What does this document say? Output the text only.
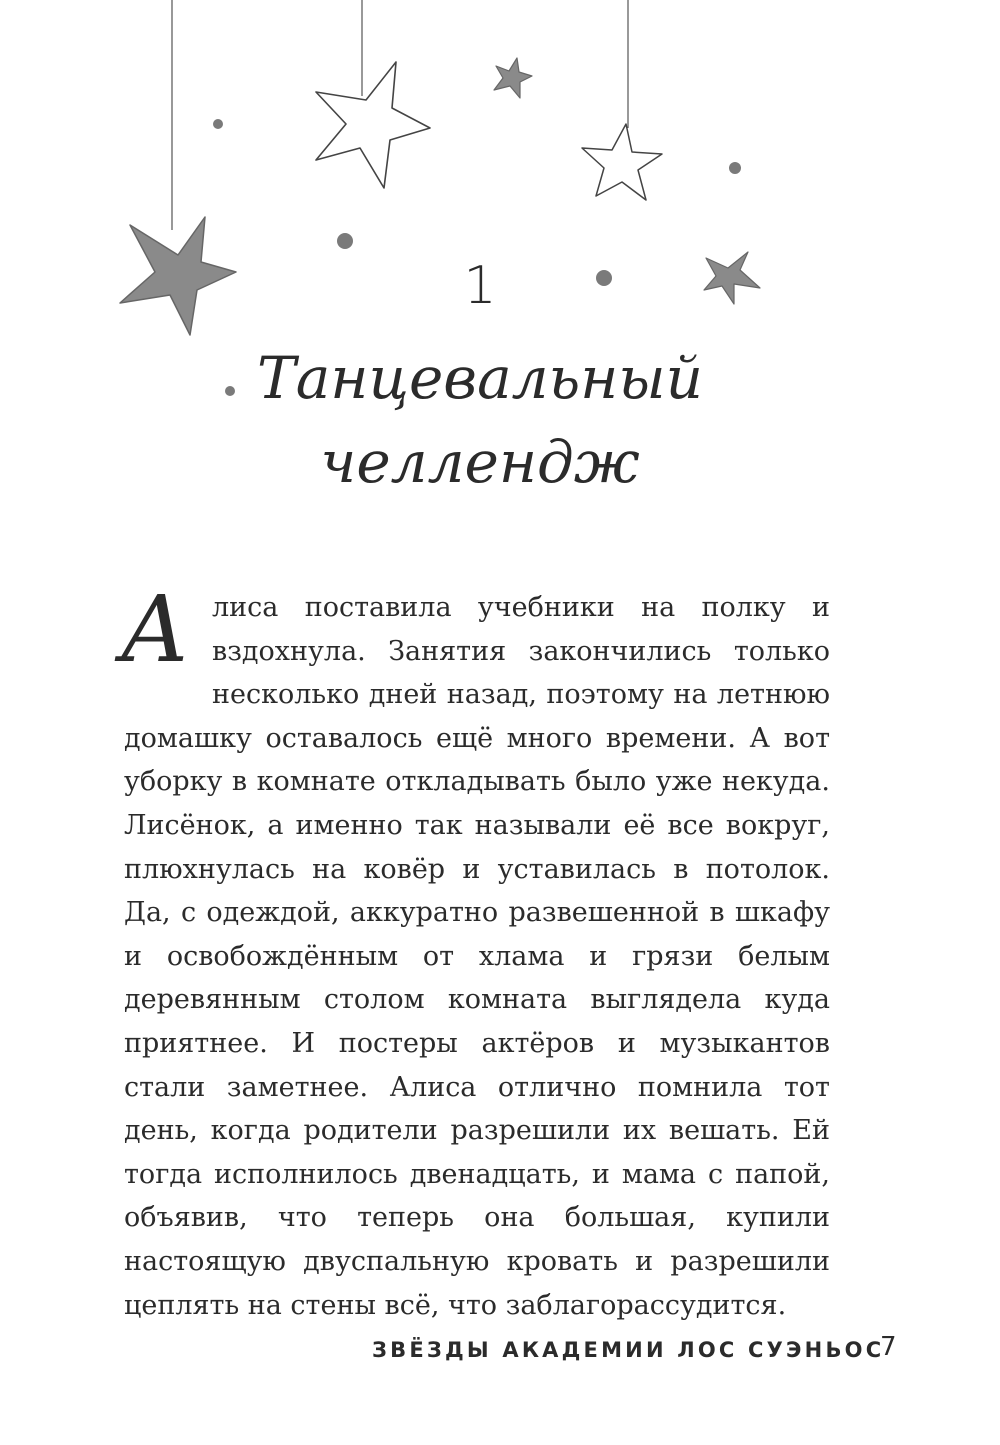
1
Танцевальный челлендж

Алиса поставила учебники на полку и вздохнула. Занятия закончились только несколько дней назад, поэтому на летнюю домашку оставалось ещё много времени. А вот уборку в комнате откладывать было уже некуда. Лисёнок, а именно так называли её все вокруг, плюхнулась на ковёр и уставилась в потолок. Да, с одеждой, аккуратно развешенной в шкафу и освобождённым от хлама и грязи белым деревянным столом комната выглядела куда приятнее. И постеры актёров и музыкантов стали заметнее. Алиса отлично помнила тот день, когда родители разрешили их вешать. Ей тогда исполнилось двенадцать, и мама с папой, объявив, что теперь она большая, купили настоящую двуспальную кровать и разрешили цеплять на стены всё, что заблагорассудится.

ЗВЁЗДЫ АКАДЕМИИ ЛОС СУЭНЬОС
7
